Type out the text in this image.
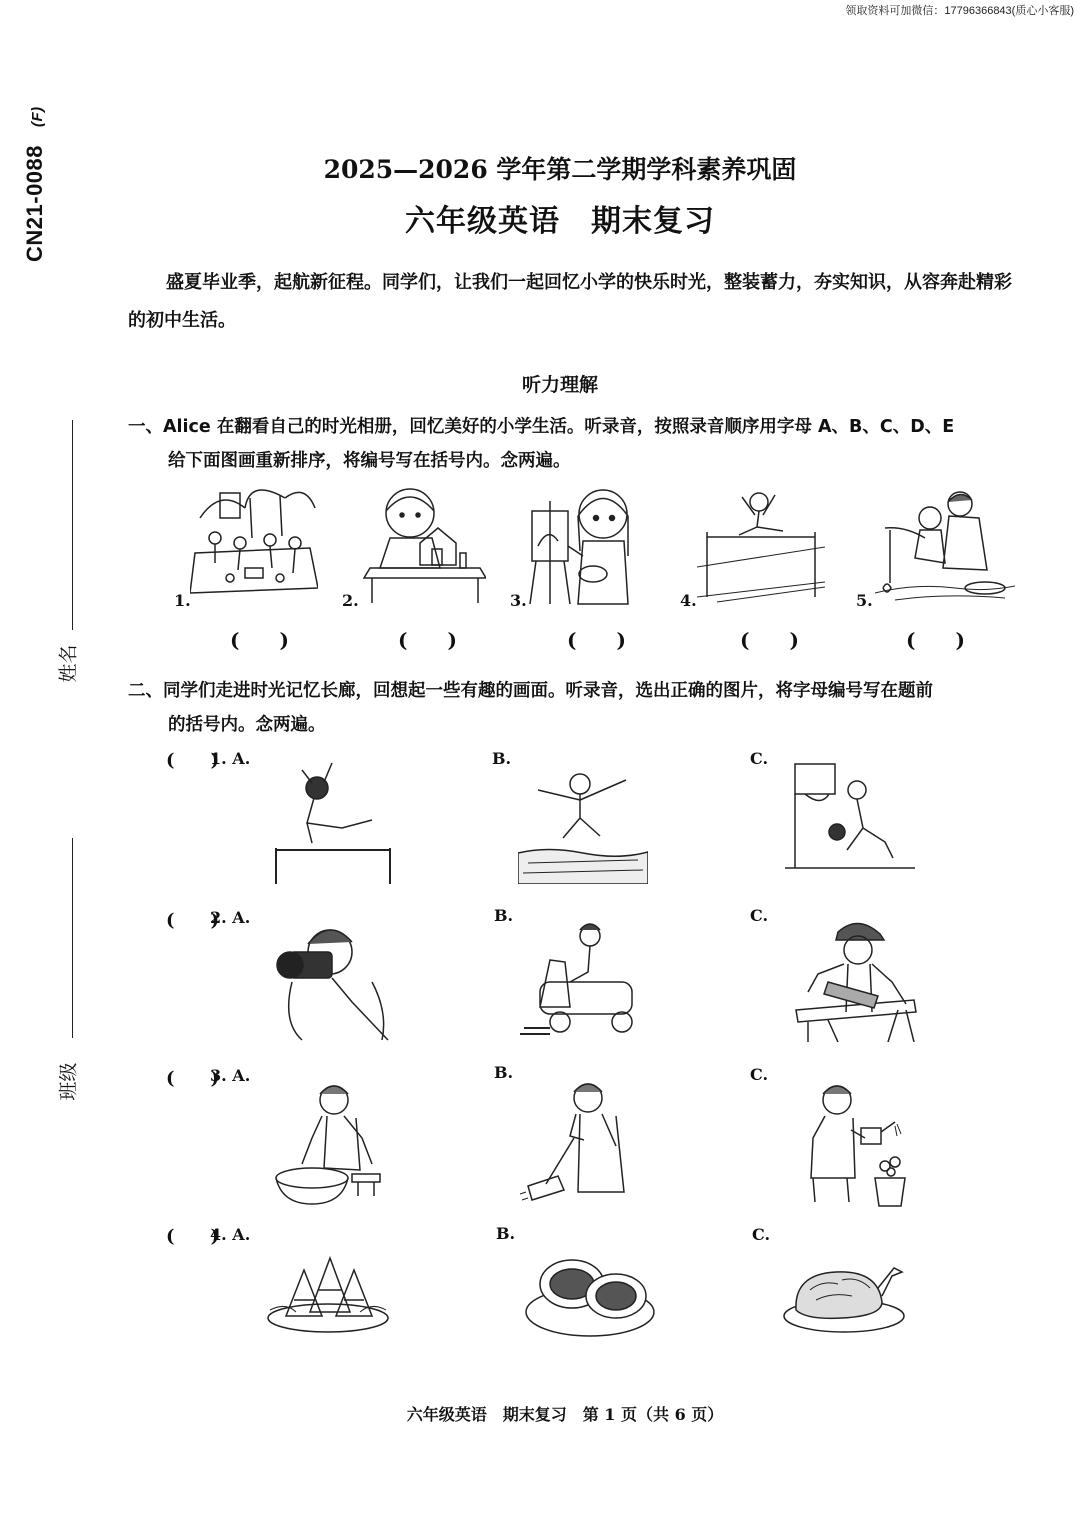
领取资料可加微信：17796366843(质心小客服)
CN21-0088(F)
姓名
班级
2025—2026 学年第二学期学科素养巩固
六年级英语　期末复习
盛夏毕业季，起航新征程。同学们，让我们一起回忆小学的快乐时光，整装蓄力，夯实知识，从容奔赴精彩的初中生活。
听力理解
一、Alice 在翻看自己的时光相册，回忆美好的小学生活。听录音，按照录音顺序用字母 A、B、C、D、E
给下面图画重新排序，将编号写在括号内。念两遍。
1.	2.	3.	4.	5.
(　　)	(　　)	(　　)	(　　)	(　　)
二、同学们走进时光记忆长廊，回想起一些有趣的画面。听录音，选出正确的图片，将字母编号写在题前
的括号内。念两遍。
(　　)
1. A.	B.	C.
(　　)
2. A.	B.	C.
(　　)
3. A.	B.	C.
(　　)
4. A.	B.	C.
六年级英语　期末复习　第 1 页（共 6 页）
